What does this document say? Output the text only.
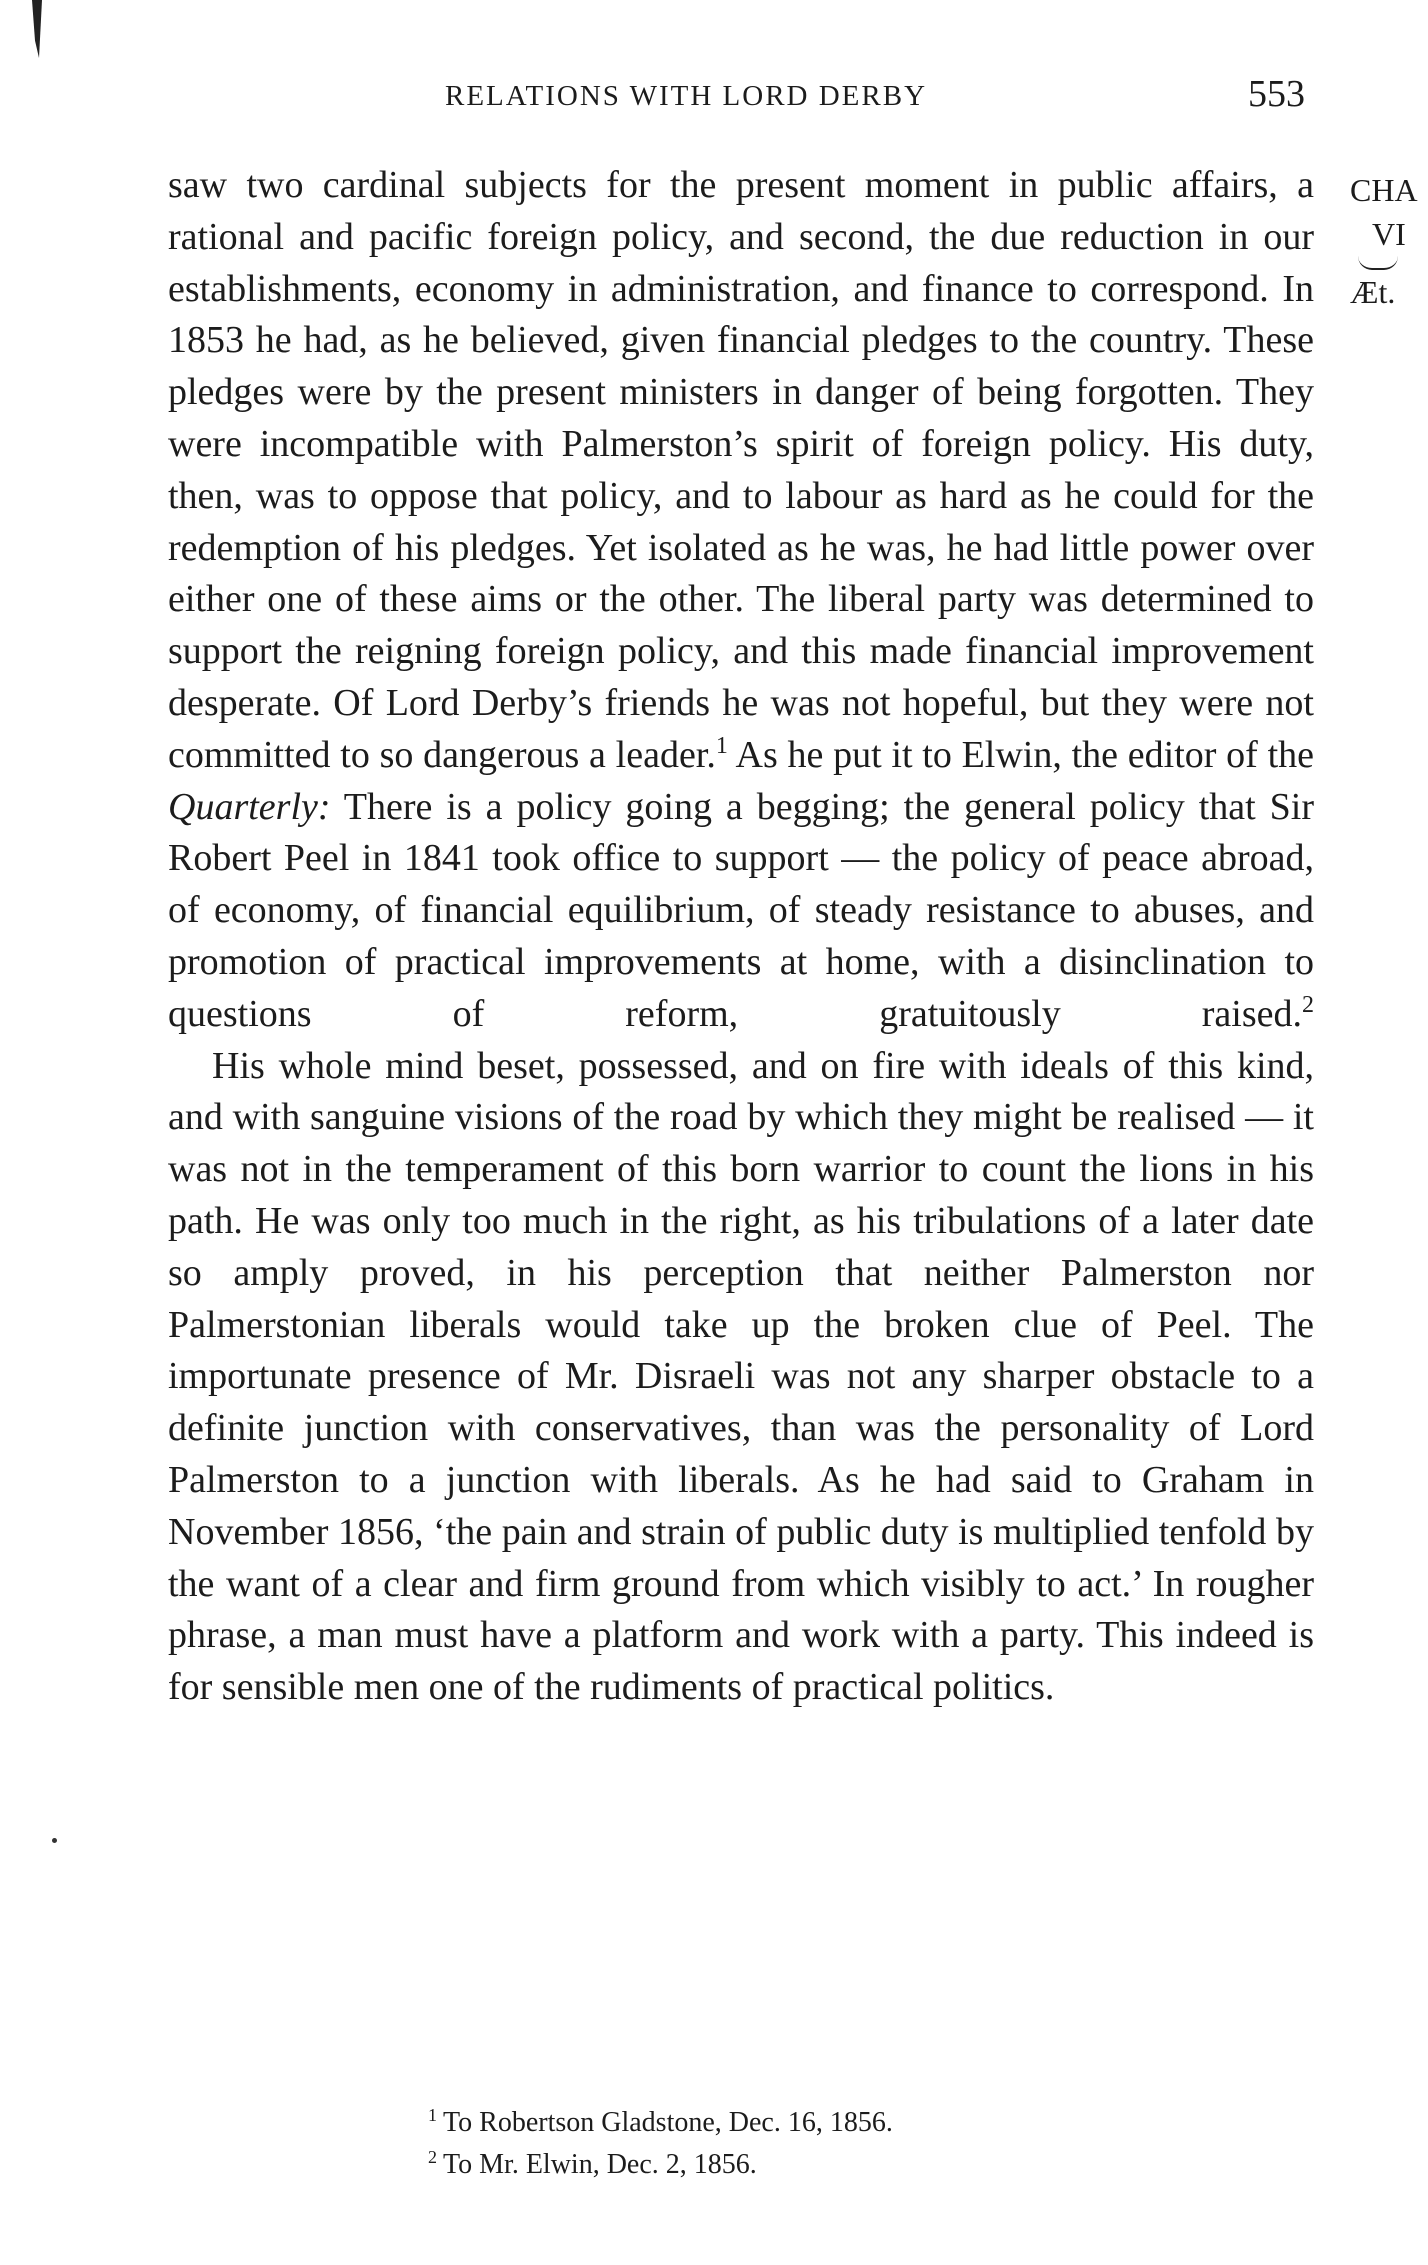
RELATIONS WITH LORD DERBY	553
CHA
VI
Æt.

saw two cardinal subjects for the present moment in public affairs, a rational and pacific foreign policy, and second, the due reduction in our establishments, economy in administration, and finance to correspond. In 1853 he had, as he believed, given financial pledges to the country. These pledges were by the present ministers in danger of being forgotten. They were incompatible with Palmerston’s spirit of foreign policy. His duty, then, was to oppose that policy, and to labour as hard as he could for the redemption of his pledges. Yet isolated as he was, he had little power over either one of these aims or the other. The liberal party was determined to support the reigning foreign policy, and this made financial improvement desperate. Of Lord Derby’s friends he was not hopeful, but they were not committed to so dangerous a leader.$^1$ As he put it to Elwin, the editor of the Quarterly: There is a policy going a begging; the general policy that Sir Robert Peel in 1841 took office to support — the policy of peace abroad, of economy, of financial equilibrium, of steady resistance to abuses, and promotion of practical improvements at home, with a disinclination to questions of reform, gratuitously raised.$^2$

His whole mind beset, possessed, and on fire with ideals of this kind, and with sanguine visions of the road by which they might be realised — it was not in the temperament of this born warrior to count the lions in his path. He was only too much in the right, as his tribulations of a later date so amply proved, in his perception that neither Palmerston nor Palmerstonian liberals would take up the broken clue of Peel. The importunate presence of Mr. Disraeli was not any sharper obstacle to a definite junction with conservatives, than was the personality of Lord Palmerston to a junction with liberals. As he had said to Graham in November 1856, ‘the pain and strain of public duty is multiplied tenfold by the want of a clear and firm ground from which visibly to act.’ In rougher phrase, a man must have a platform and work with a party. This indeed is for sensible men one of the rudiments of practical politics.

$^1$ To Robertson Gladstone, Dec. 16, 1856.
$^2$ To Mr. Elwin, Dec. 2, 1856.
